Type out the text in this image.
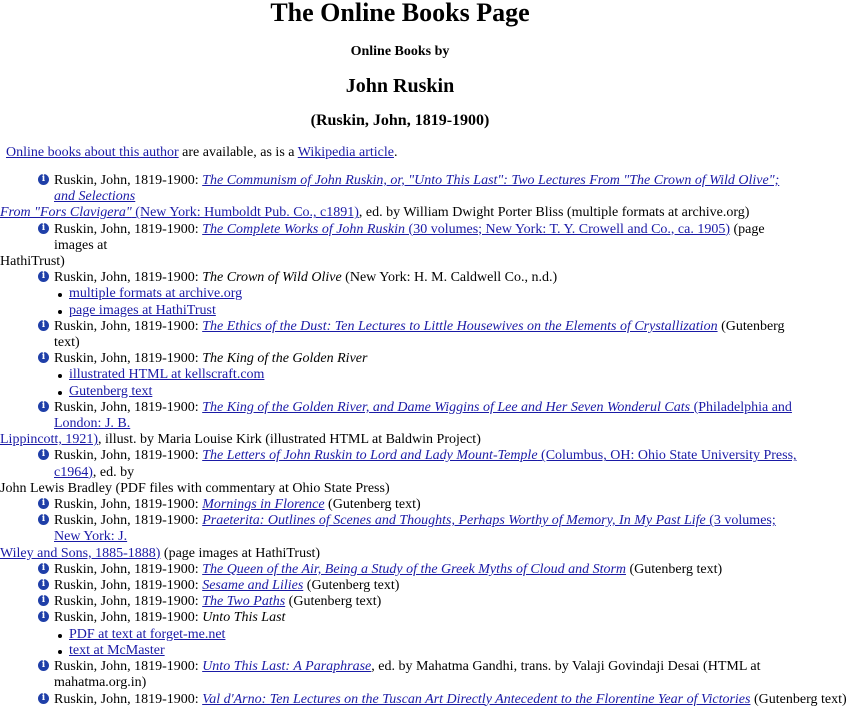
The Online Books Page
Online Books by
John Ruskin
(Ruskin, John, 1819-1900)

Online books about this author are available, as is a Wikipedia article.

i Ruskin, John, 1819-1900: The Communism of John Ruskin, or, "Unto This Last": Two Lectures From "The Crown of Wild Olive"; and Selections
From "Fors Clavigera" (New York: Humboldt Pub. Co., c1891), ed. by William Dwight Porter Bliss (multiple formats at archive.org)
i Ruskin, John, 1819-1900: The Complete Works of John Ruskin (30 volumes; New York: T. Y. Crowell and Co., ca. 1905) (page images at
HathiTrust)
i Ruskin, John, 1819-1900: The Crown of Wild Olive (New York: H. M. Caldwell Co., n.d.)
multiple formats at archive.org
page images at HathiTrust
i Ruskin, John, 1819-1900: The Ethics of the Dust: Ten Lectures to Little Housewives on the Elements of Crystallization (Gutenberg text)
i Ruskin, John, 1819-1900: The King of the Golden River
illustrated HTML at kellscraft.com
Gutenberg text
i Ruskin, John, 1819-1900: The King of the Golden River, and Dame Wiggins of Lee and Her Seven Wonderul Cats (Philadelphia and London: J. B.
Lippincott, 1921), illust. by Maria Louise Kirk (illustrated HTML at Baldwin Project)
i Ruskin, John, 1819-1900: The Letters of John Ruskin to Lord and Lady Mount-Temple (Columbus, OH: Ohio State University Press, c1964), ed. by
John Lewis Bradley (PDF files with commentary at Ohio State Press)
i Ruskin, John, 1819-1900: Mornings in Florence (Gutenberg text)
i Ruskin, John, 1819-1900: Praeterita: Outlines of Scenes and Thoughts, Perhaps Worthy of Memory, In My Past Life (3 volumes; New York: J.
Wiley and Sons, 1885-1888) (page images at HathiTrust)
i Ruskin, John, 1819-1900: The Queen of the Air, Being a Study of the Greek Myths of Cloud and Storm (Gutenberg text)
i Ruskin, John, 1819-1900: Sesame and Lilies (Gutenberg text)
i Ruskin, John, 1819-1900: The Two Paths (Gutenberg text)
i Ruskin, John, 1819-1900: Unto This Last
PDF at text at forget-me.net
text at McMaster
i Ruskin, John, 1819-1900: Unto This Last: A Paraphrase, ed. by Mahatma Gandhi, trans. by Valaji Govindaji Desai (HTML at mahatma.org.in)
i Ruskin, John, 1819-1900: Val d'Arno: Ten Lectures on the Tuscan Art Directly Antecedent to the Florentine Year of Victories (Gutenberg text)
